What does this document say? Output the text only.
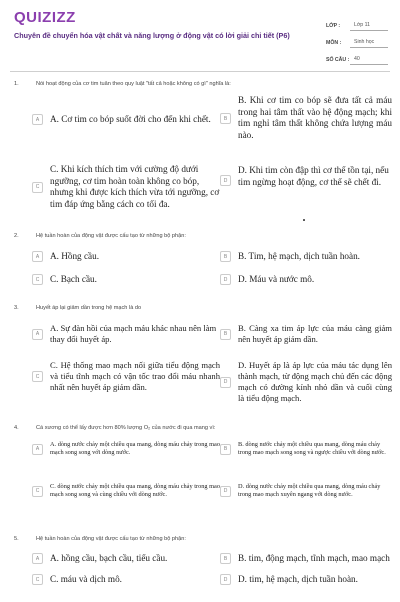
QUIZIZZ
Chuyên đề chuyển hóa vật chất và năng lượng ở động vật có lời giải chi tiết (P6)
LỚP :	Lớp 11
MÔN :	Sinh học
SỐ CÂU : 40
1.	Nói hoạt động của cơ tim tuân theo quy luật "tất cả hoặc không có gì" nghĩa là:
A	A. Cơ tim co bóp suốt đời cho đến khi chết.	B
B. Khi cơ tim co bóp sẽ đưa tất cả máu trong hai tâm thất vào hệ động mạch; khi tim nghỉ tâm thất không chứa lượng máu nào.
C
C. Khi kích thích tim với cường độ dưới ngưỡng, cơ tim hoàn toàn không co bóp, nhưng khi được kích thích vừa tới ngưỡng, cơ tim đáp ứng bằng cách co tối đa.
D
D. Khi tim còn đập thì cơ thể tồn tại, nếu tim ngừng hoạt động, cơ thể sẽ chết đi.
2.	Hệ tuần hoàn của động vật được cấu tạo từ những bộ phận:
A	A. Hồng cầu.	B	B. Tim, hệ mạch, dịch tuần hoàn.
C	C. Bạch cầu.	D	D. Máu và nước mô.
3.	Huyết áp lại giảm dần trong hệ mạch là do
A
A. Sự đàn hồi của mạch máu khác nhau nên làm thay đổi huyết áp.	B
B. Càng xa tim áp lực của máu càng giảm nên huyết áp giảm dần.
C
C. Hệ thống mao mạch nối giữa tiểu động mạch và tiểu tĩnh mạch có vận tốc trao đổi máu nhanh nhất nên huyết áp giảm dần.	D
D. Huyết áp là áp lực của máu tác dụng lên thành mạch, từ động mạch chủ đến các động mạch có đường kính nhỏ dần và cuối cùng là tiểu động mạch.
4.	Cá xương có thể lấy được hơn 80% lượng O₂ của nước đi qua mang vì:
A
A. dòng nước chảy một chiều qua mang, dòng máu chảy trong mao mạch song song với dòng nước.	B
B. dòng nước chảy một chiều qua mang, dòng máu chảy trong mao mạch song song và ngược chiều với dòng nước.
C
C. dòng nước chảy một chiều qua mang, dòng máu chảy trong mao mạch song song và cùng chiều với dòng nước.	D
D. dòng nước chảy một chiều qua mang, dòng máu chảy trong mao mạch xuyên ngang với dòng nước.
5.	Hệ tuần hoàn của động vật được cấu tạo từ những bộ phận:
A	A. hồng cầu, bạch cầu, tiểu cầu.	B	B. tim, động mạch, tĩnh mạch, mao mạch
C	C. máu và dịch mô.	D	D. tim, hệ mạch, dịch tuần hoàn.
